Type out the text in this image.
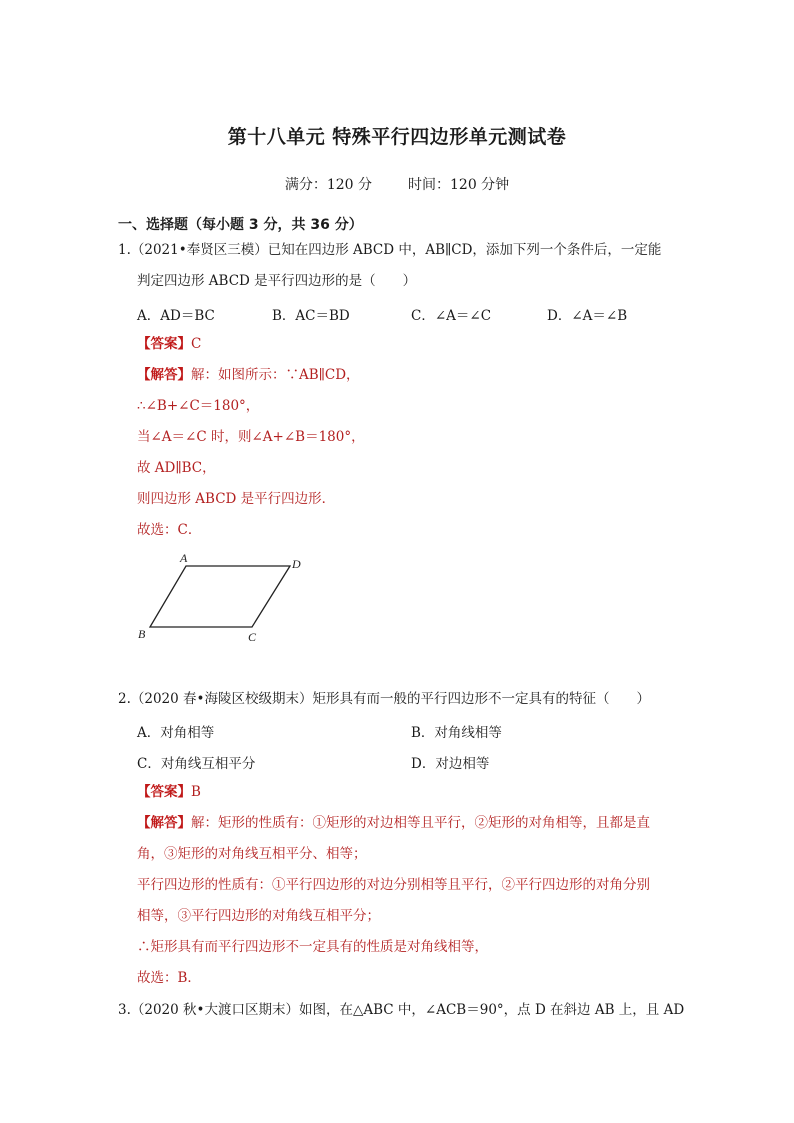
第十八单元 特殊平行四边形单元测试卷
满分：120 分	时间：120 分钟
一、选择题（每小题 3 分，共 36 分）
1.（2021•奉贤区三模）已知在四边形 ABCD 中，AB∥CD，添加下列一个条件后，一定能
判定四边形 ABCD 是平行四边形的是（　　）
A．AD＝BC	B．AC＝BD	C．∠A＝∠C	D．∠A＝∠B
【答案】C
【解答】解：如图所示：∵AB∥CD，
∴∠B+∠C＝180°，
当∠A＝∠C 时，则∠A+∠B＝180°，
故 AD∥BC，
则四边形 ABCD 是平行四边形．
故选：C．
A	D
B	C
2.（2020 春•海陵区校级期末）矩形具有而一般的平行四边形不一定具有的特征（　　）
A．对角相等	B．对角线相等
C．对角线互相平分	D．对边相等
【答案】B
【解答】解：矩形的性质有：①矩形的对边相等且平行，②矩形的对角相等，且都是直
角，③矩形的对角线互相平分、相等；
平行四边形的性质有：①平行四边形的对边分别相等且平行，②平行四边形的对角分别
相等，③平行四边形的对角线互相平分；
∴矩形具有而平行四边形不一定具有的性质是对角线相等，
故选：B．
3.（2020 秋•大渡口区期末）如图，在△ABC 中，∠ACB＝90°，点 D 在斜边 AB 上，且 AD
